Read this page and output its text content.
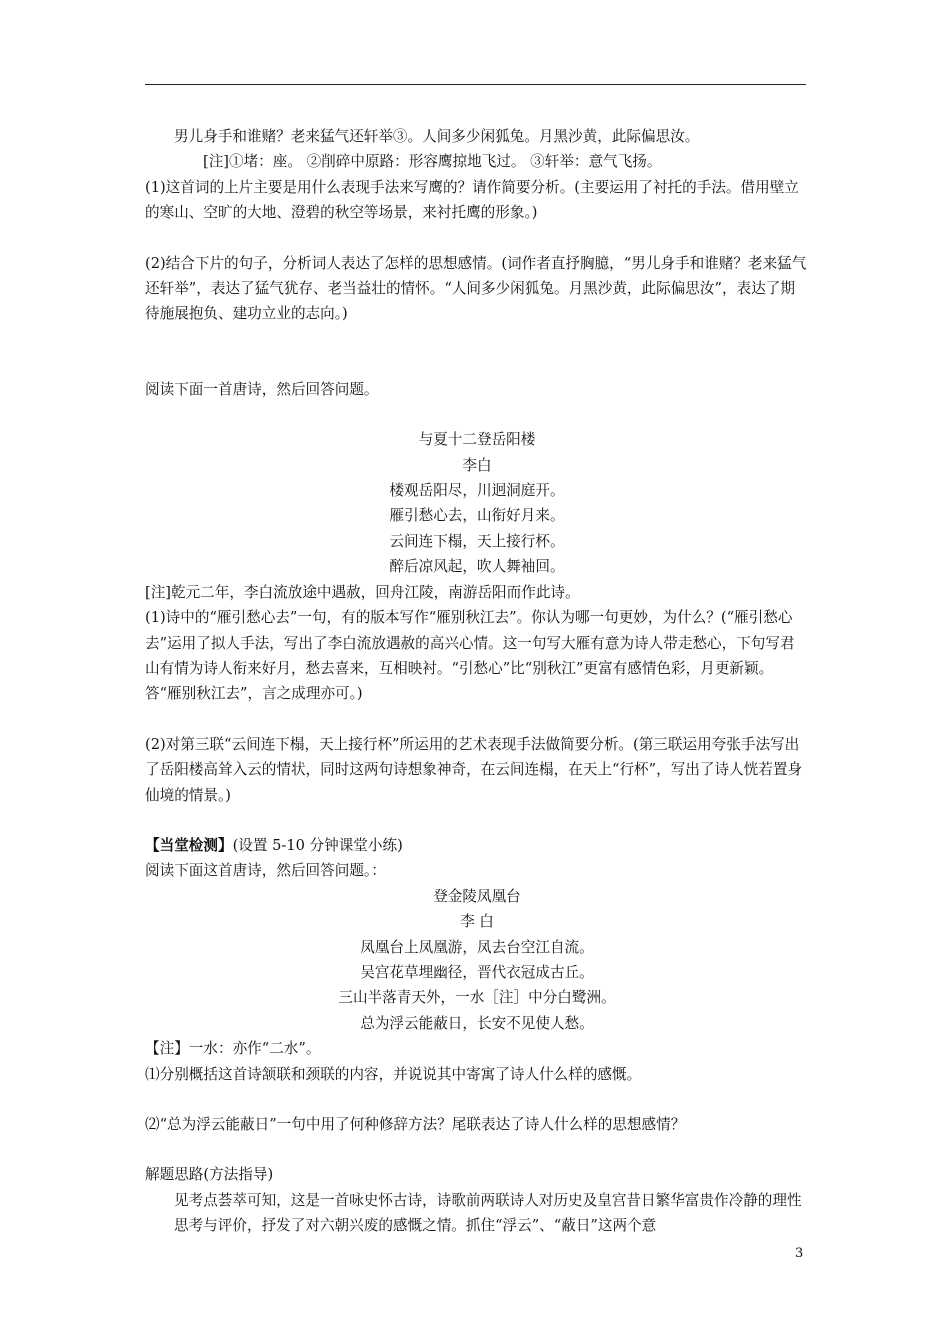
男儿身手和谁赌？老来猛气还轩举③。人间多少闲狐兔。月黑沙黄，此际偏思汝。

[注]①堵：座。 ②削碎中原路：形容鹰掠地飞过。 ③轩举：意气飞扬。

(1)这首词的上片主要是用什么表现手法来写鹰的？请作简要分析。(主要运用了衬托的手法。借用壁立的寒山、空旷的大地、澄碧的秋空等场景，来衬托鹰的形象。)

(2)结合下片的句子，分析词人表达了怎样的思想感情。(词作者直抒胸臆，“男儿身手和谁赌？老来猛气还轩举”，表达了猛气犹存、老当益壮的情怀。“人间多少闲狐兔。月黑沙黄，此际偏思汝”，表达了期待施展抱负、建功立业的志向。)

阅读下面一首唐诗，然后回答问题。

与夏十二登岳阳楼

李白

楼观岳阳尽，川迥洞庭开。

雁引愁心去，山衔好月来。

云间连下榻，天上接行杯。

醉后凉风起，吹人舞袖回。

[注]乾元二年，李白流放途中遇赦，回舟江陵，南游岳阳而作此诗。

(1)诗中的“雁引愁心去”一句，有的版本写作“雁别秋江去”。你认为哪一句更妙，为什么？(“雁引愁心去”运用了拟人手法，写出了李白流放遇赦的高兴心情。这一句写大雁有意为诗人带走愁心，下句写君山有情为诗人衔来好月，愁去喜来，互相映衬。“引愁心”比“别秋江”更富有感情色彩，月更新颖。答“雁别秋江去”，言之成理亦可。)

(2)对第三联“云间连下榻，天上接行杯”所运用的艺术表现手法做简要分析。(第三联运用夸张手法写出了岳阳楼高耸入云的情状，同时这两句诗想象神奇，在云间连榻，在天上“行杯”，写出了诗人恍若置身仙境的情景。)

【当堂检测】(设置 5-10 分钟课堂小练)

阅读下面这首唐诗，然后回答问题。：

登金陵凤凰台

李 白

凤凰台上凤凰游，凤去台空江自流。

吴宫花草埋幽径，晋代衣冠成古丘。

三山半落青天外，一水［注］中分白鹭洲。

总为浮云能蔽日，长安不见使人愁。

【注】一水：亦作“二水”。

⑴分别概括这首诗颔联和颈联的内容，并说说其中寄寓了诗人什么样的感慨。

⑵“总为浮云能蔽日”一句中用了何种修辞方法？尾联表达了诗人什么样的思想感情？

解题思路(方法指导)

见考点荟萃可知，这是一首咏史怀古诗，诗歌前两联诗人对历史及皇宫昔日繁华富贵作冷静的理性思考与评价，抒发了对六朝兴废的感慨之情。抓住“浮云”、“蔽日”这两个意

3
